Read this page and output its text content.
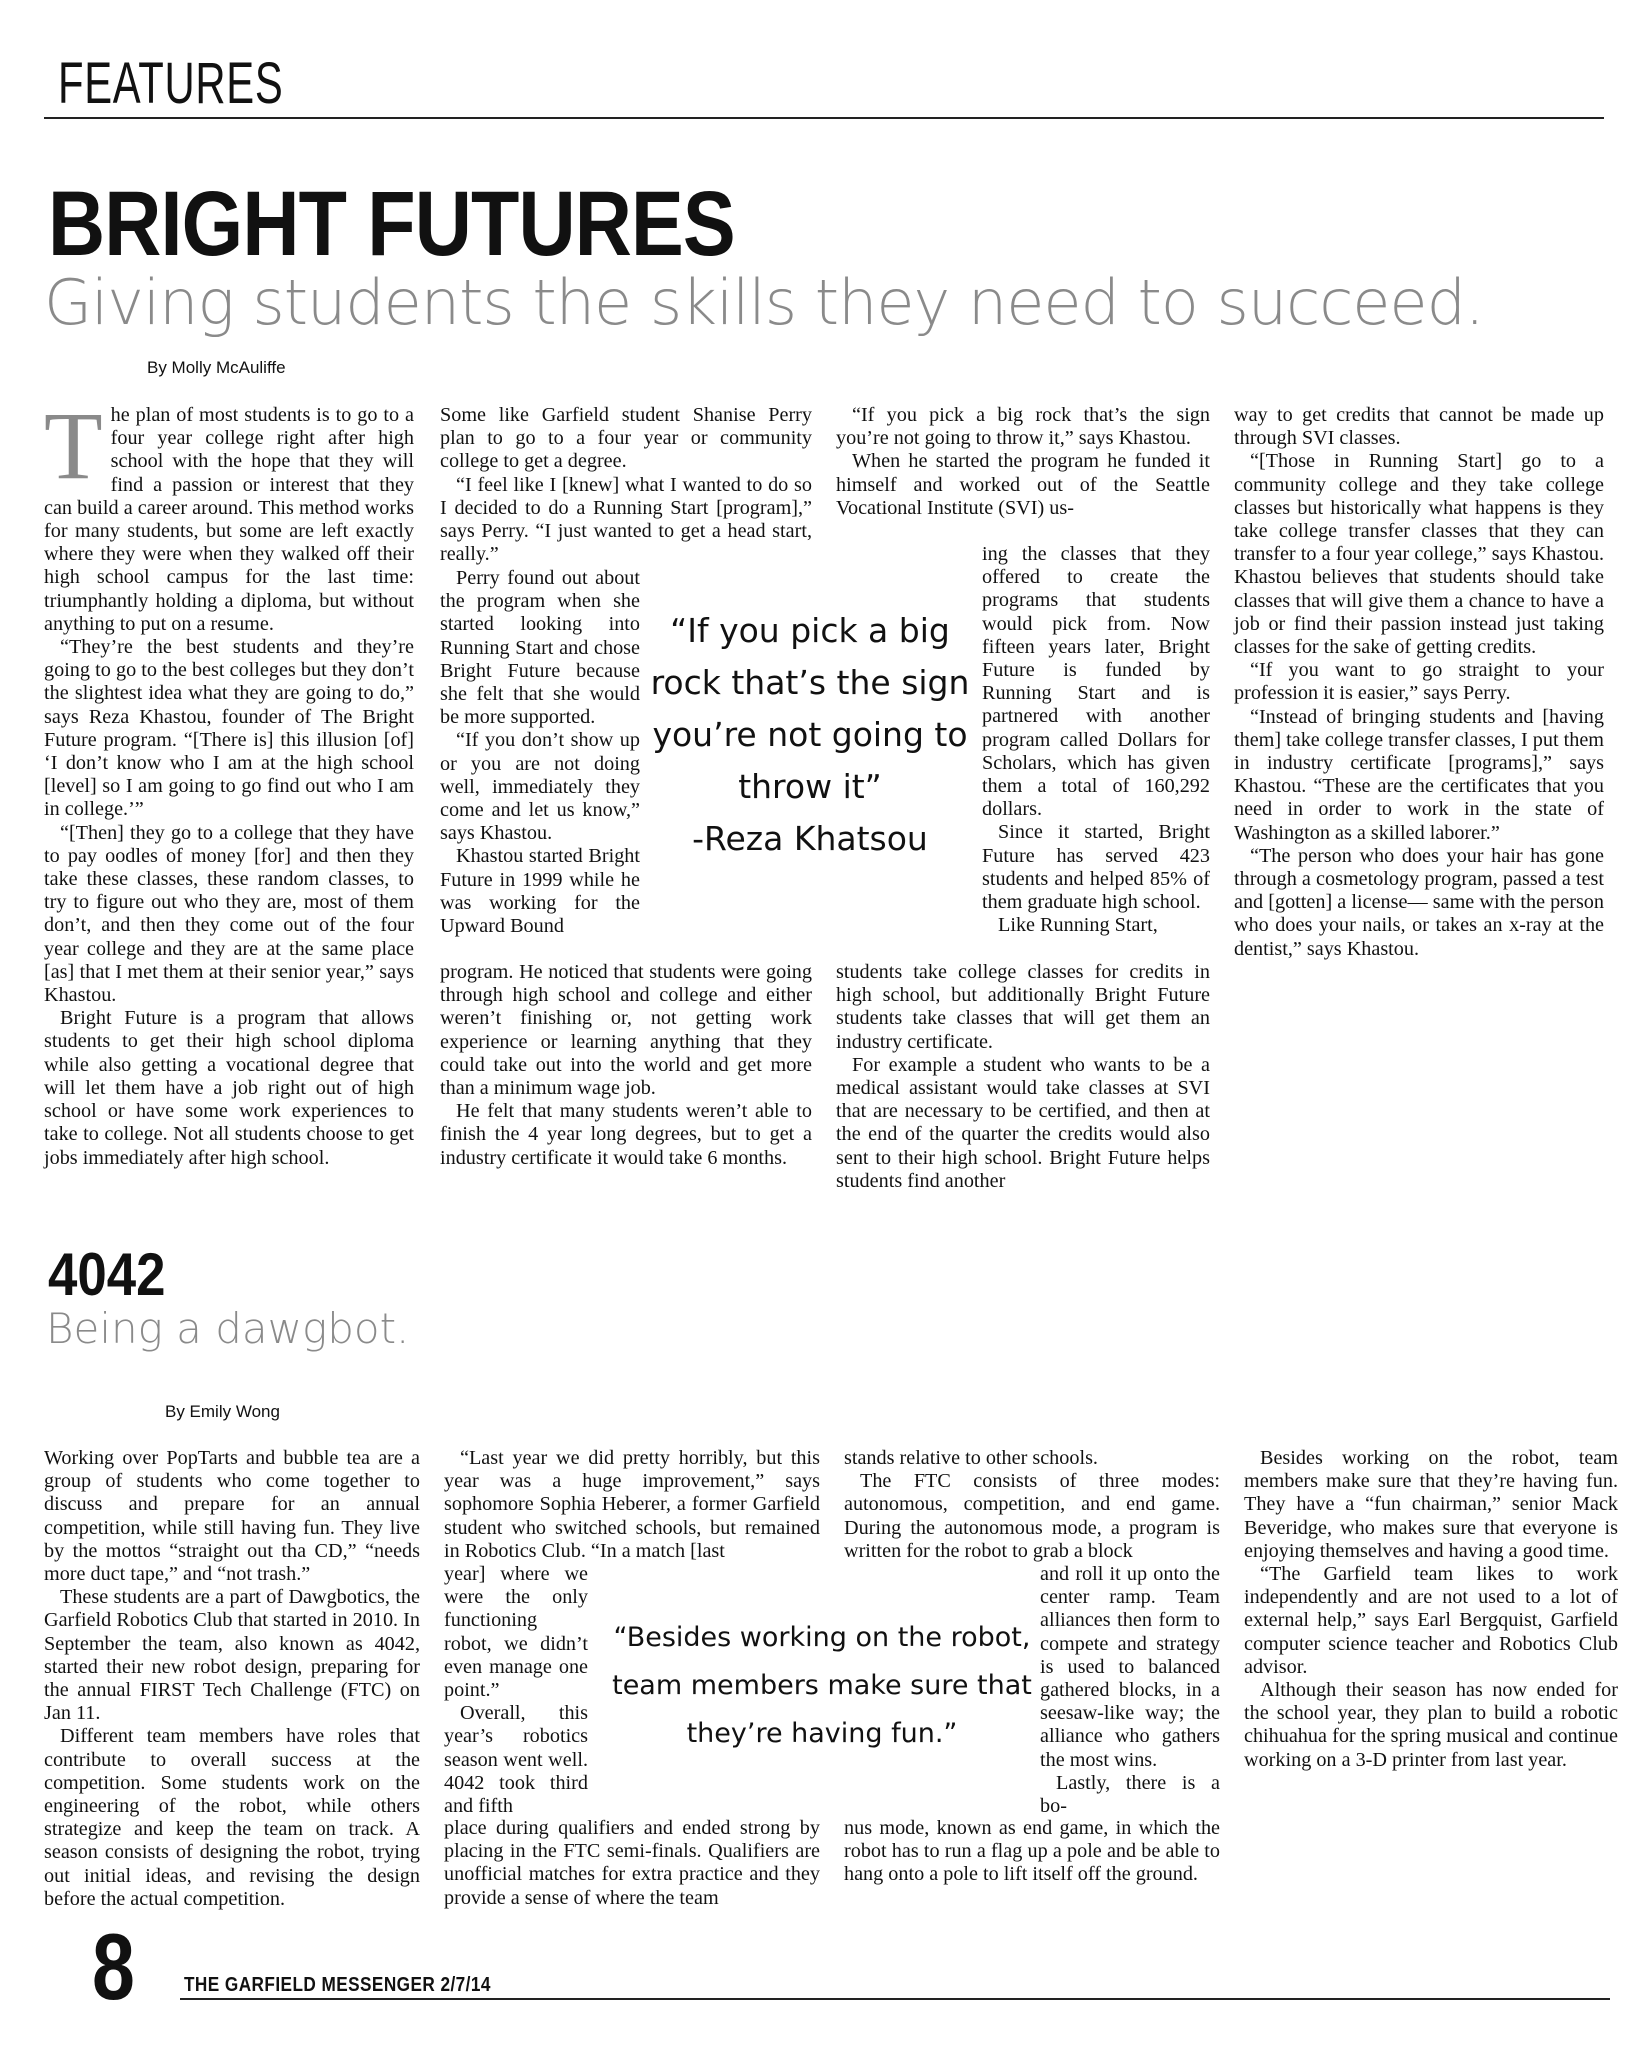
FEATURES
BRIGHT FUTURES
Giving students the skills they need to succeed.
By Molly McAuliffe
T he plan of most students is to go to a four year college right after high school with the hope that they will find a passion or interest that they can build a career around. This method works for many students, but some are left exactly where they were when they walked off their high school campus for the last time: triumphantly holding a diploma, but without anything to put on a resume.

“They’re the best students and they’re going to go to the best colleges but they don’t the slightest idea what they are going to do,” says Reza Khastou, founder of The Bright Future program. “[There is] this illusion [of] ‘I don’t know who I am at the high school [level] so I am going to go find out who I am in college.’”

“[Then] they go to a college that they have to pay oodles of money [for] and then they take these classes, these random classes, to try to figure out who they are, most of them don’t, and then they come out of the four year college and they are at the same place [as] that I met them at their senior year,” says Khastou.

Bright Future is a program that allows students to get their high school diploma while also getting a vocational degree that will let them have a job right out of high school or have some work experiences to take to college. Not all students choose to get jobs immediately after high school.

Some like Garfield student Shanise Perry plan to go to a four year or community college to get a degree.

“I feel like I [knew] what I wanted to do so I decided to do a Running Start [program],” says Perry. “I just wanted to get a head start, really.”

Perry found out about the program when she started looking into Running Start and chose Bright Future because she felt that she would be more supported.

“If you don’t show up or you are not doing well, immediately they come and let us know,” says Khastou.

Khastou started Bright Future in 1999 while he was working for the Upward Bound

program. He noticed that students were going through high school and college and either weren’t finishing or, not getting work experience or learning anything that they could take out into the world and get more than a minimum wage job.

He felt that many students weren’t able to finish the 4 year long degrees, but to get a industry certificate it would take 6 months.

“If you pick a big rock that’s the sign you’re not going to throw it,” says Khastou.

When he started the program he funded it himself and worked out of the Seattle Vocational Institute (SVI) us-

ing the classes that they offered to create the programs that students would pick from. Now fifteen years later, Bright Future is funded by Running Start and is partnered with another program called Dollars for Scholars, which has given them a total of 160,292 dollars.

Since it started, Bright Future has served 423 students and helped 85% of them graduate high school.

Like Running Start,

students take college classes for credits in high school, but additionally Bright Future students take classes that will get them an industry certificate.

For example a student who wants to be a medical assistant would take classes at SVI that are necessary to be certified, and then at the end of the quarter the credits would also sent to their high school. Bright Future helps students find another

way to get credits that cannot be made up through SVI classes.

“[Those in Running Start] go to a community college and they take college classes but historically what happens is they take college transfer classes that they can transfer to a four year college,” says Khastou. Khastou believes that students should take classes that will give them a chance to have a job or find their passion instead just taking classes for the sake of getting credits.

“If you want to go straight to your profession it is easier,” says Perry.

“Instead of bringing students and [having them] take college transfer classes, I put them in industry certificate [programs],” says Khastou. “These are the certificates that you need in order to work in the state of Washington as a skilled laborer.”

“The person who does your hair has gone through a cosmetology program, passed a test and [gotten] a license— same with the person who does your nails, or takes an x-ray at the dentist,” says Khastou.

“If you pick a big
rock that’s the sign
you’re not going to
throw it”
-Reza Khatsou
4042
Being a dawgbot.
By Emily Wong

Working over PopTarts and bubble tea are a group of students who come together to discuss and prepare for an annual competition, while still having fun. They live by the mottos “straight out tha CD,” “needs more duct tape,” and “not trash.”

These students are a part of Dawgbotics, the Garfield Robotics Club that started in 2010. In September the team, also known as 4042, started their new robot design, preparing for the annual FIRST Tech Challenge (FTC) on Jan 11.

Different team members have roles that contribute to overall success at the competition. Some students work on the engineering of the robot, while others strategize and keep the team on track. A season consists of designing the robot, trying out initial ideas, and revising the design before the actual competition.

“Last year we did pretty horribly, but this year was a huge improvement,” says sophomore Sophia Heberer, a former Garfield student who switched schools, but remained in Robotics Club. “In a match [last

year] where we were the only functioning robot, we didn’t even manage one point.”

Overall, this year’s robotics season went well. 4042 took third and fifth

place during qualifiers and ended strong by placing in the FTC semi-finals. Qualifiers are unofficial matches for extra practice and they provide a sense of where the team

stands relative to other schools.

The FTC consists of three modes: autonomous, competition, and end game. During the autonomous mode, a program is written for the robot to grab a block

and roll it up onto the center ramp. Team alliances then form to compete and strategy is used to balanced gathered blocks, in a seesaw-like way; the alliance who gathers the most wins.

Lastly, there is a bo-

nus mode, known as end game, in which the robot has to run a flag up a pole and be able to hang onto a pole to lift itself off the ground.

Besides working on the robot, team members make sure that they’re having fun. They have a “fun chairman,” senior Mack Beveridge, who makes sure that everyone is enjoying themselves and having a good time.

“The Garfield team likes to work independently and are not used to a lot of external help,” says Earl Bergquist, Garfield computer science teacher and Robotics Club advisor.

Although their season has now ended for the school year, they plan to build a robotic chihuahua for the spring musical and continue working on a 3-D printer from last year.

“Besides working on the robot,
team members make sure that
they’re having fun.”
8 THE GARFIELD MESSENGER 2/7/14
